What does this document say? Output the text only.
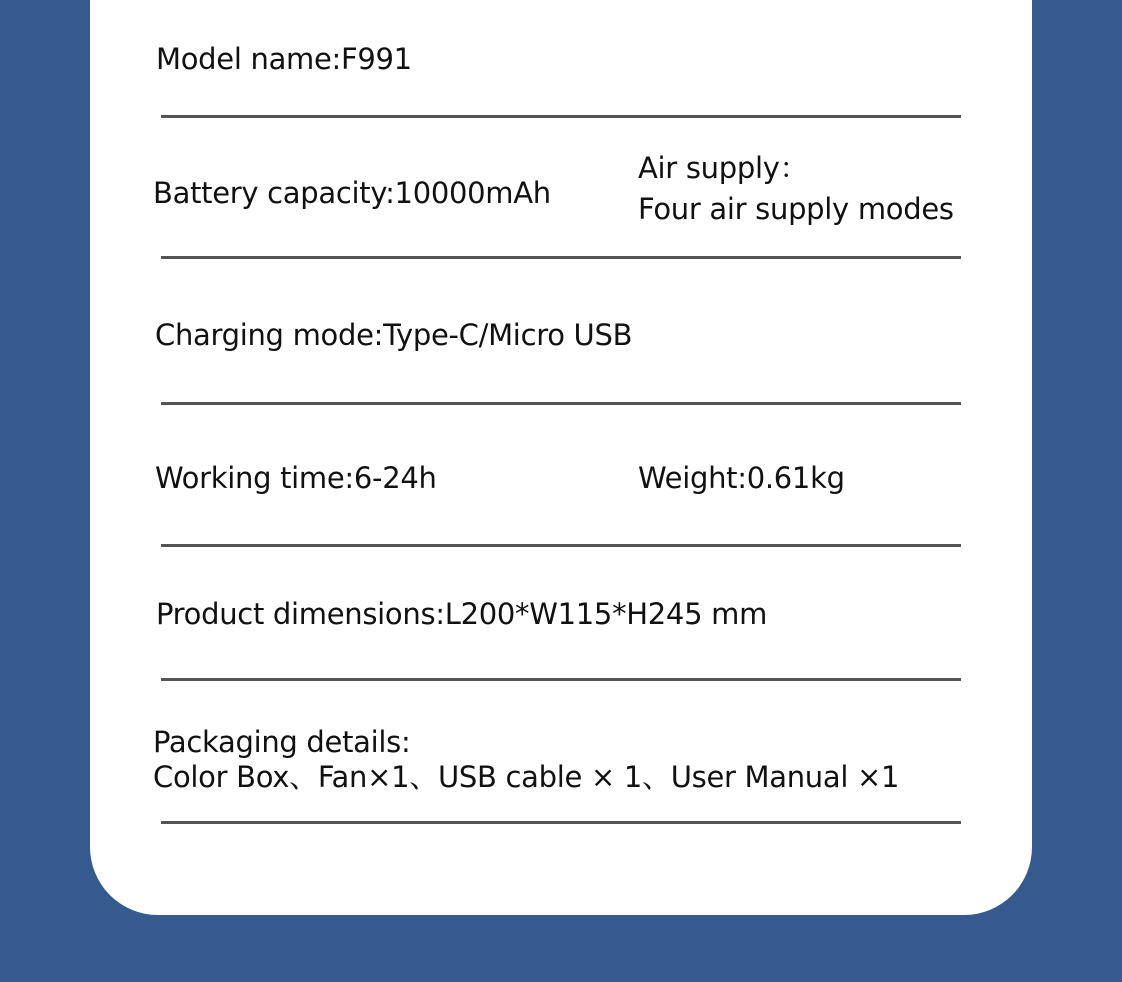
Model name:F991
Battery capacity:10000mAh
Air supply：
Four air supply modes
Charging mode:Type-C/Micro USB
Working time:6-24h	Weight:0.61kg
Product dimensions:L200*W115*H245 mm
Packaging details:
Color Box、Fan×1、USB cable × 1、User Manual ×1
